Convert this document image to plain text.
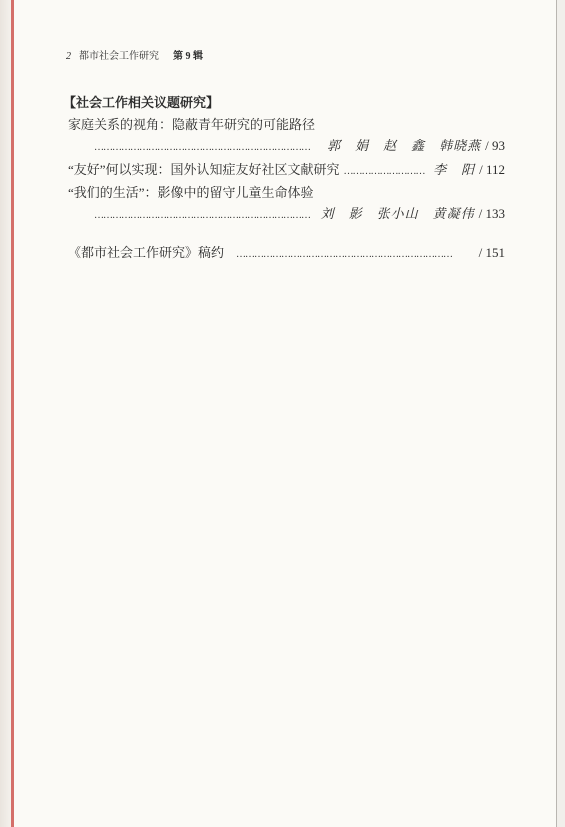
2 都市社会工作研究 第 9 辑
【社会工作相关议题研究】
家庭关系的视角：隐蔽青年研究的可能路径
………………………………………………………………	郭　娟　赵　鑫　韩晓燕 / 93
“友好”何以实现：国外认知症友好社区文献研究 ……………………… 李　阳 / 112
“我们的生活”：影像中的留守儿童生命体验
……………………………………………………………… 刘　影　张小山　黄凝伟 / 133
《都市社会工作研究》稿约 ………………………………………………………………	/ 151
